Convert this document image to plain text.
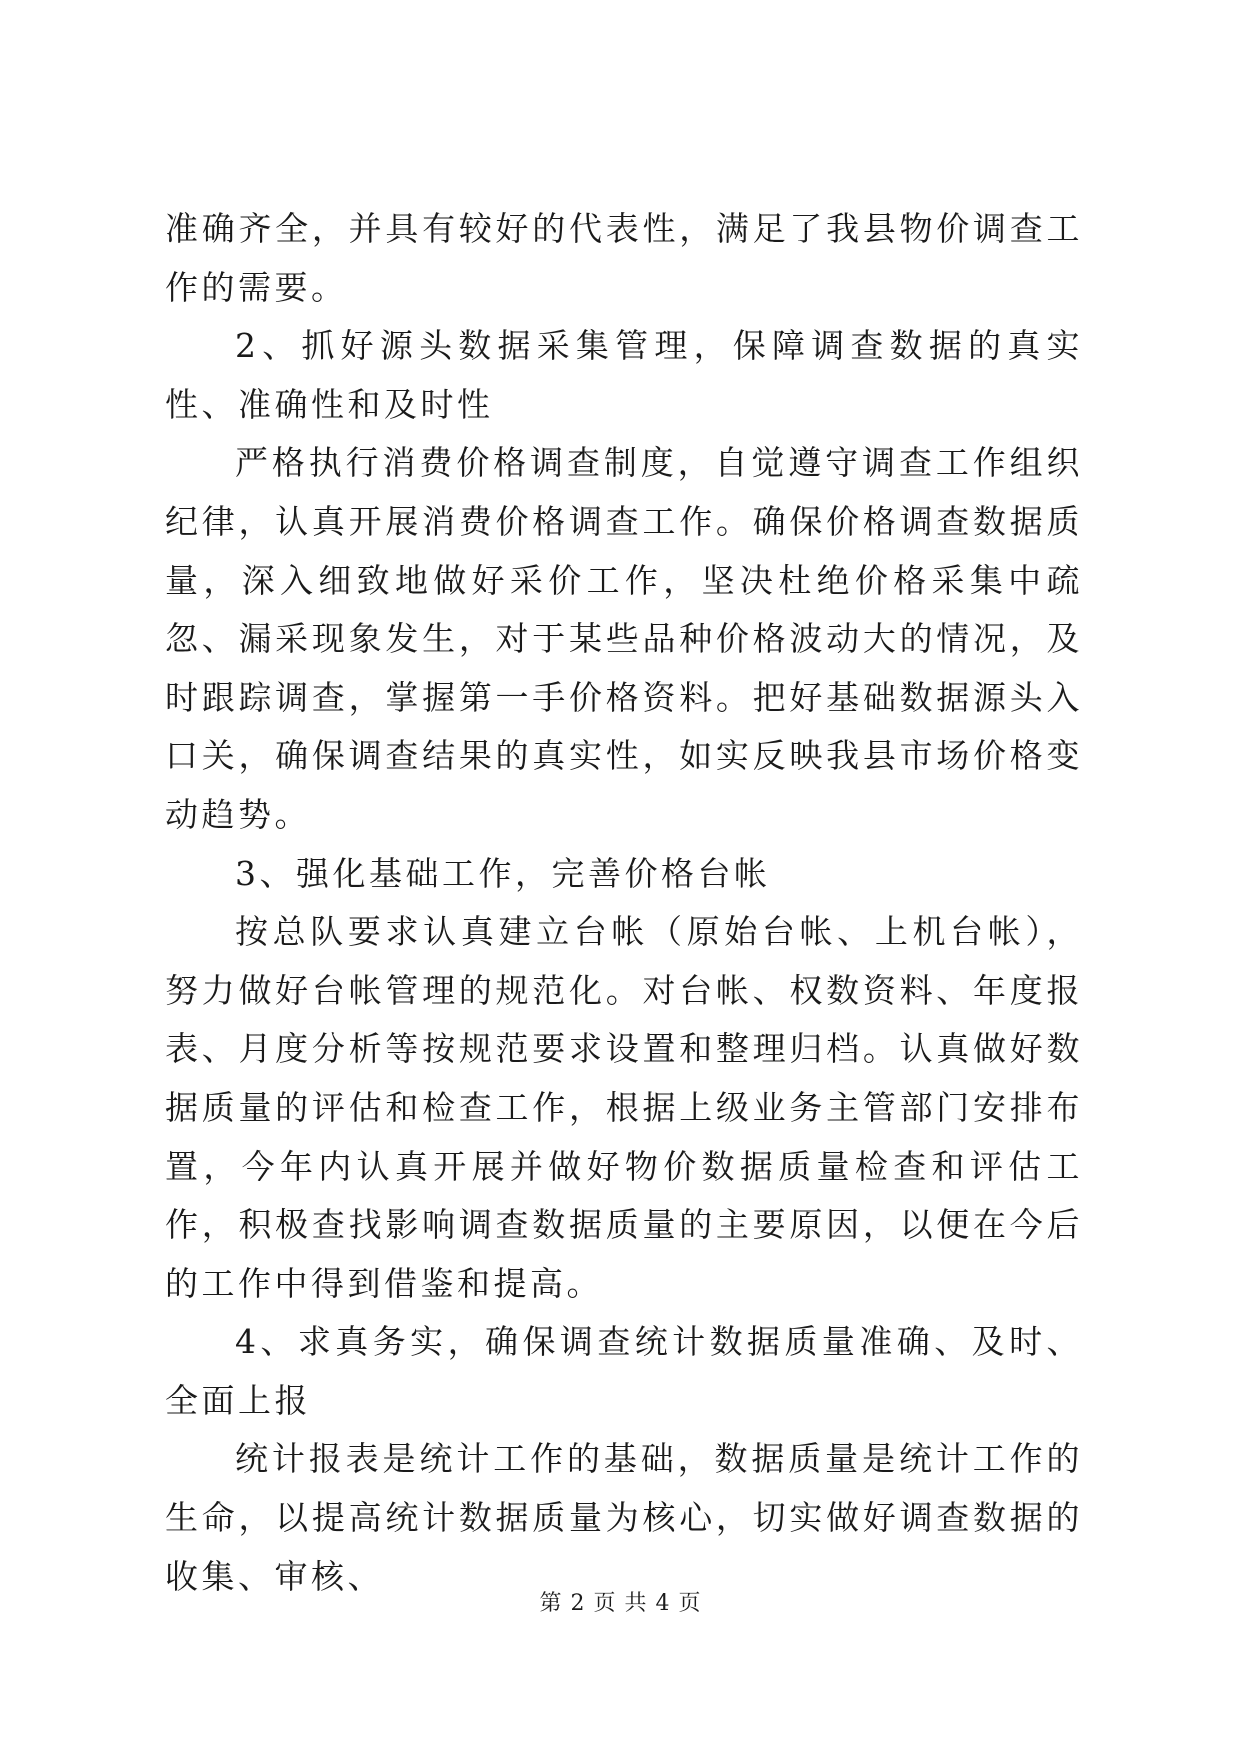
准确齐全，并具有较好的代表性，满足了我县物价调查工作的需要。

2、抓好源头数据采集管理，保障调查数据的真实性、准确性和及时性

严格执行消费价格调查制度，自觉遵守调查工作组织纪律，认真开展消费价格调查工作。确保价格调查数据质量，深入细致地做好采价工作，坚决杜绝价格采集中疏忽、漏采现象发生，对于某些品种价格波动大的情况，及时跟踪调查，掌握第一手价格资料。把好基础数据源头入口关，确保调查结果的真实性，如实反映我县市场价格变动趋势。

3、强化基础工作，完善价格台帐

按总队要求认真建立台帐（原始台帐、上机台帐），努力做好台帐管理的规范化。对台帐、权数资料、年度报表、月度分析等按规范要求设置和整理归档。认真做好数据质量的评估和检查工作，根据上级业务主管部门安排布置，今年内认真开展并做好物价数据质量检查和评估工作，积极查找影响调查数据质量的主要原因，以便在今后的工作中得到借鉴和提高。

4、求真务实，确保调查统计数据质量准确、及时、全面上报

统计报表是统计工作的基础，数据质量是统计工作的生命，以提高统计数据质量为核心，切实做好调查数据的收集、审核、

第 2 页 共 4 页
